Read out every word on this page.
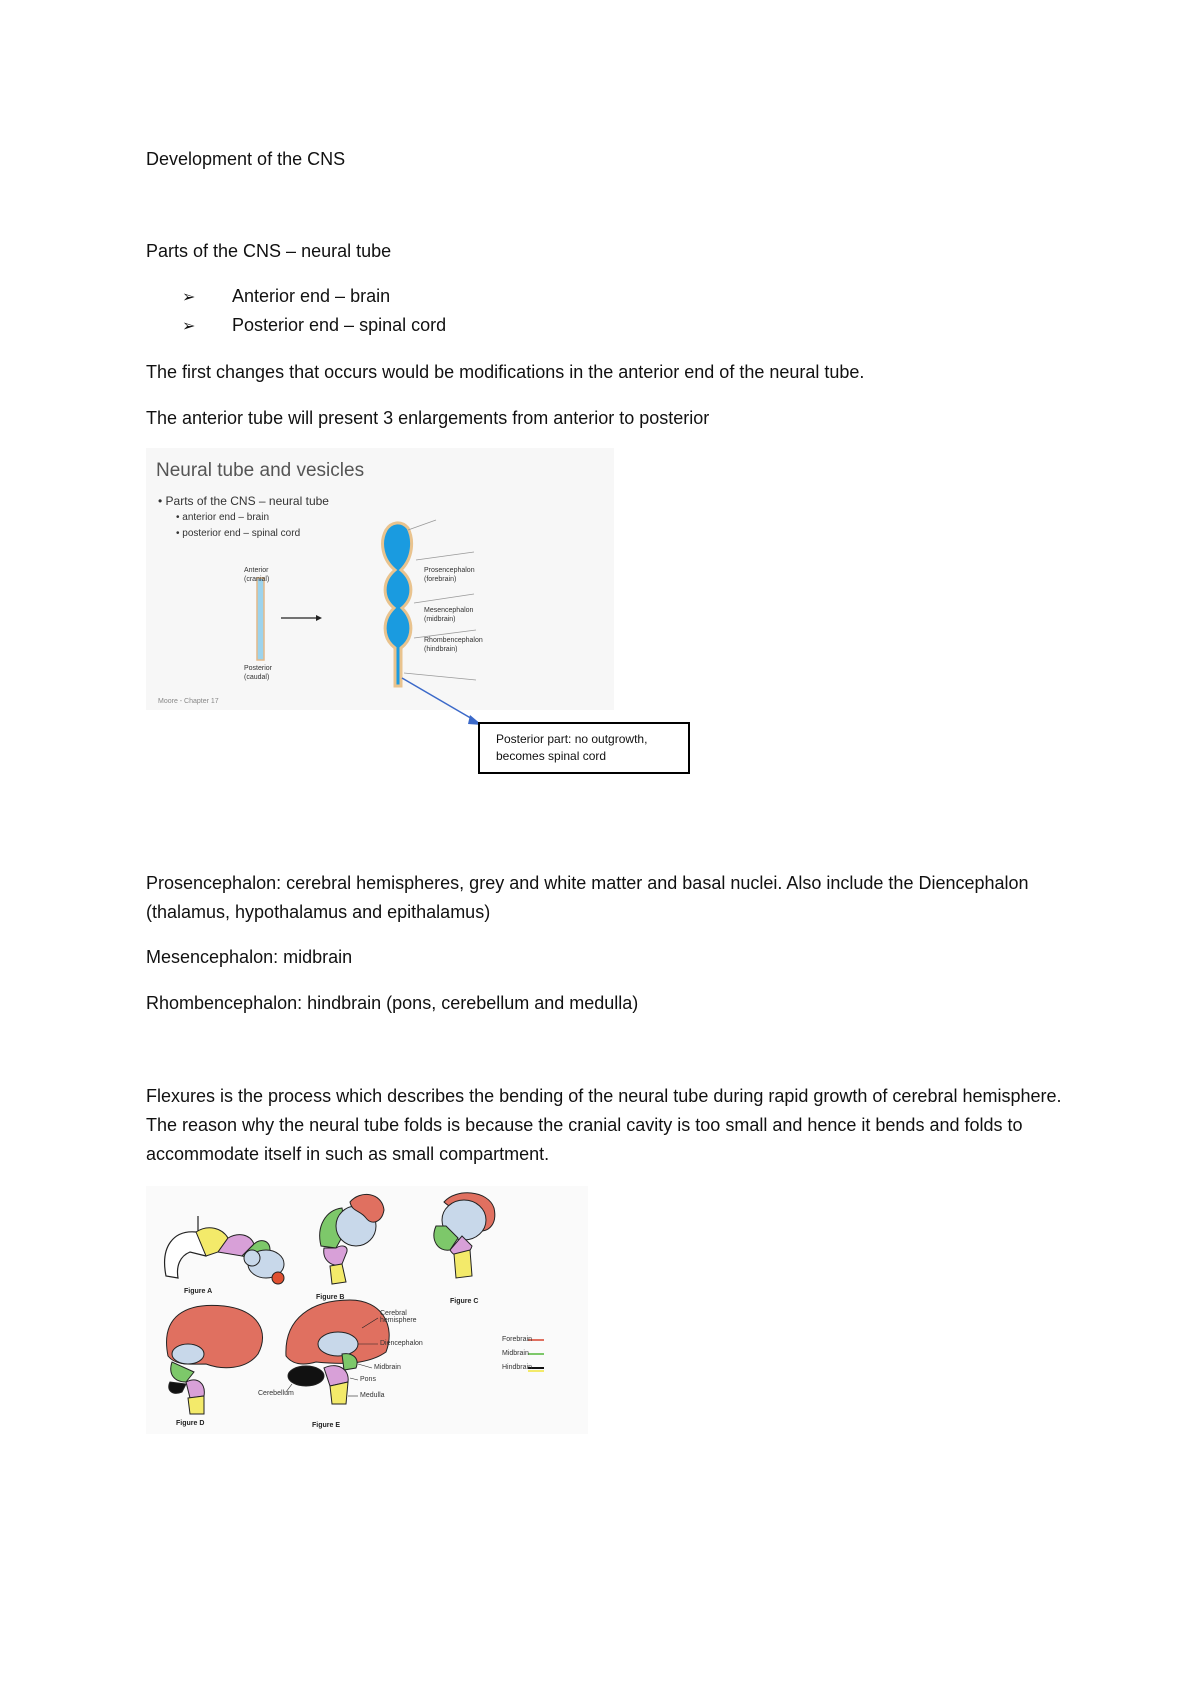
Development of the CNS
Parts of the CNS – neural tube
➢ Anterior end – brain
➢ Posterior end – spinal cord
The first changes that occurs would be modifications in the anterior end of the neural tube.
The anterior tube will present 3 enlargements from anterior to posterior
Neural tube and vesicles
• Parts of the CNS – neural tube
• anterior end – brain
• posterior end – spinal cord
Anterior
(cranial)
Posterior
(caudal)
Prosencephalon
(forebrain)
Mesencephalon
(midbrain)
Rhombencephalon
(hindbrain)
Moore - Chapter 17
Posterior part: no outgrowth,
becomes spinal cord
Prosencephalon: cerebral hemispheres, grey and white matter and basal nuclei. Also include the Diencephalon (thalamus, hypothalamus and epithalamus)
Mesencephalon: midbrain
Rhombencephalon: hindbrain (pons, cerebellum and medulla)
Flexures is the process which describes the bending of the neural tube during rapid growth of cerebral hemisphere. The reason why the neural tube folds is because the cranial cavity is too small and hence it bends and folds to accommodate itself in such as small compartment.
Figure A
Figure B
Figure C
Figure D	Figure E
Cerebral
hemisphere
Diencephalon
Midbrain
Pons
Medulla
Cerebellum
Forebrain
Midbrain
Hindbrain
